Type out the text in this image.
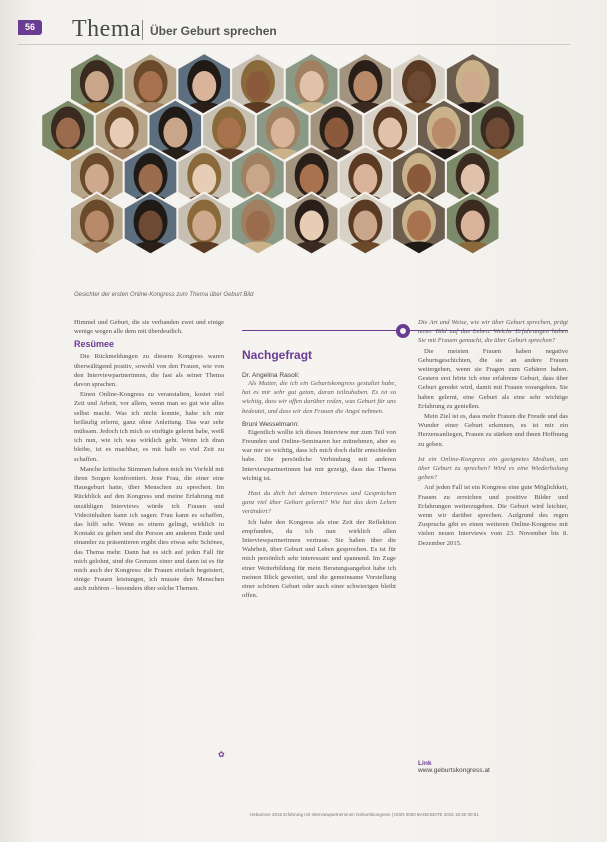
56 Thema Über Geburt sprechen
Gesichter der ersten Online-Kongress zum Thema über Geburt Bild

Himmel und Geburt, die sie verbanden zwei und einige wenige wegen alle dem mit überdeutlich.

Resümee

Die Rückmeldungen zu diesem Kongress waren überwältigend positiv, sowohl von den Frauen, wie von den Interviewpartnerinnen, die fast als seiner Thema davon sprachen.

Einen Online-Kongress zu veranstalten, kostet viel Zeit und Arbeit, vor allem, wenn man so gut wie alles selbst macht. Was ich nicht konnte, habe ich mir beiläufig erlernt, ganz ohne Anleitung. Das war sehr mühsam. Jedoch ich mich so einfügte gelernt habe, weiß ich nun, wie ich was wirklich geht. Wenn ich dran bleibe, ist es machbar, es mit halb so viel Zeit zu schaffen.

Manche kritische Stimmen haben mich im Vorfeld mit ihren Sorgen konfrontiert. Jene Frau, die einer eine Hausgeburt hatte, über Menschen zu sprechen. Im Rückblick auf den Kongress und meine Erfahrung mit unzähligen Interviews würde ich Frauen und Videoinhalten kann ich sagen: Frau kann es schaffen, das hilft sehr. Wenn es einem gelingt, wirklich in Kontakt zu gehen und die Person am anderen Ende und einander zu präsentieren ergibt dies etwas sehr Schönes, das Thema mehr. Dann hat es sich auf jeden Fall für mich gelohnt, sind die Grenzen einer und dann ist es für mich auch der Kongress: die Frauen einfach begeistert, einige Frauen leistungen, ich musste den Menschen auch zuhören – besonders über solche Themen.

Nachgefragt
Dr. Angelina Rasoli:

Als Mutter, die ich ein Geburtskongress gestaltet habe, hat es mir sehr gut getan, daran teilzuhaben. Es ist so wichtig, dass wir offen darüber reden, was Geburt für uns bedeutet, und dass wir den Frauen die Angst nehmen.

Bruni Wesselmann:

Eigentlich wollte ich dieses Interview nur zum Teil von Freunden und Online-Seminaren her mitnehmen, aber es war mir so wichtig, dass ich mich doch dafür entschieden habe. Die persönliche Verbindung mit anderen Interviewpartnerinnen hat mir gezeigt, dass das Thema wichtig ist.

Hast du dich bei deinen Interviews und Gesprächen ganz viel über Geburt gelernt? Wie hat das dein Leben verändert?

Ich habe den Kongress als eine Zeit der Reflektion empfunden, da ich nun wirklich allen Interviewpartnerinnen vertraue. Sie haben über die Wahrheit, über Geburt und Leben gesprochen. Es ist für mich persönlich sehr interessant und spannend. Im Zuge einer Weiterbildung für mein Beratungsangebot habe ich meinen Blick geweitet, und die gemeinsame Vorstellung einer schönen Geburt oder auch einer schwierigen bleibt offen.

Die Art und Weise, wie wir über Geburt sprechen, prägt unser Bild auf das Leben. Welche Erfahrungen haben Sie mit Frauen gemacht, die über Geburt sprechen?

Die meisten Frauen haben negative Geburtsgeschichten, die sie an andere Frauen weitergeben, wenn sie Fragen zum Gebären haben. Gestern erst hörte ich eine erfahrene Geburt, dass über Geburt geredet wird, damit mit Frauen vorangehen. Sie haben gelernt, eine Geburt als eine sehr wichtige Erfahrung zu genießen.

Mein Ziel ist es, dass mehr Frauen die Freude und das Wunder einer Geburt erkennen, es ist mir ein Herzensanliegen, Frauen zu stärken und ihnen Hoffnung zu geben.

Ist ein Online-Kongress ein geeignetes Medium, um über Geburt zu sprechen? Wird es eine Wiederholung geben?

Auf jeden Fall ist ein Kongress eine gute Möglichkeit, Frauen zu erreichen und positive Bilder und Erfahrungen weiterzugeben. Die Geburt wird leichter, wenn wir darüber sprechen. Aufgrund des regen Zuspruchs gibt es einen weiteren Online-Kongress mit vielen neuen Interviews vom 23. November bis 8. Dezember 2015.

✿
Link
www.geburtskongress.at
Hebamme 2015 Erfahrung mit Interviewpartnerinnen Geburtskongress | ISSN 0000 BANDSEITE 2015 16:30 00:01
